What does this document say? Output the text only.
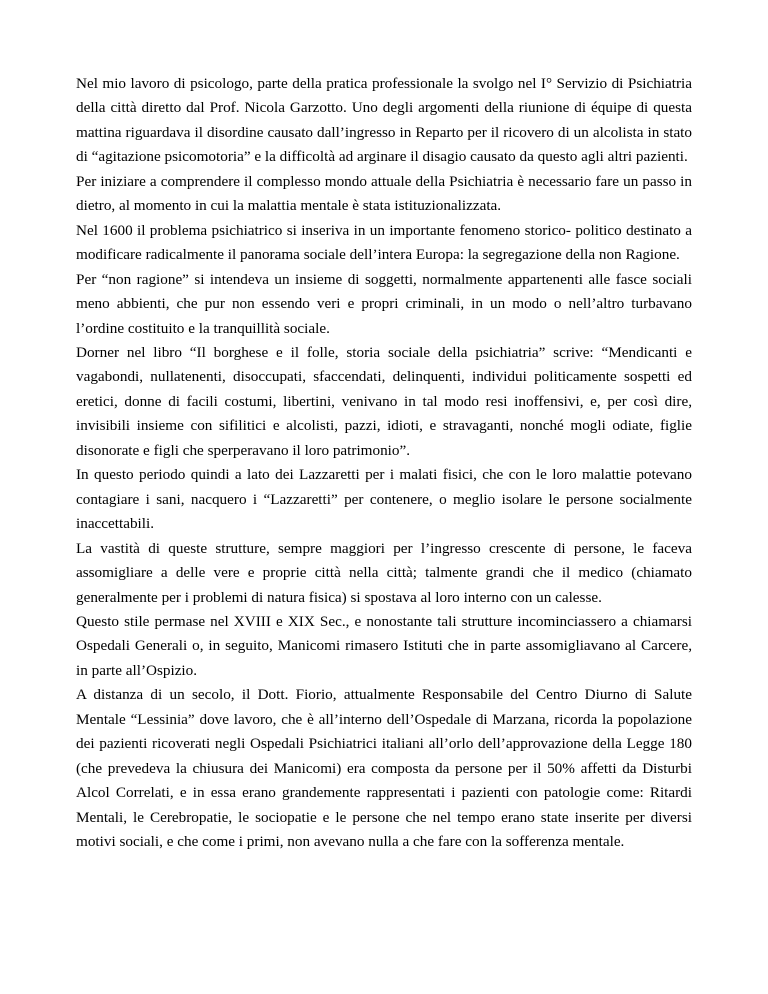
Nel mio lavoro di psicologo, parte della pratica professionale la svolgo nel I° Servizio di Psichiatria della città diretto dal Prof. Nicola Garzotto. Uno degli argomenti della riunione di équipe di questa mattina riguardava il disordine causato dall’ingresso in Reparto per il ricovero di un alcolista in stato di “agitazione psicomotoria” e la difficoltà ad arginare il disagio causato da questo agli altri pazienti.

Per iniziare a comprendere il complesso mondo attuale della Psichiatria è necessario fare un passo in dietro, al momento in cui la malattia mentale è stata istituzionalizzata.

Nel 1600 il problema psichiatrico si inseriva in un importante fenomeno storico- politico destinato a modificare radicalmente il panorama sociale dell’intera Europa: la segregazione della non Ragione.

Per “non ragione” si intendeva un insieme di soggetti, normalmente appartenenti alle fasce sociali meno abbienti, che pur non essendo veri e propri criminali, in un modo o nell’altro turbavano l’ordine costituito e la tranquillità sociale.

Dorner nel libro “Il borghese e il folle, storia sociale della psichiatria” scrive: “Mendicanti e vagabondi, nullatenenti, disoccupati, sfaccendati, delinquenti, individui politicamente sospetti ed eretici, donne di facili costumi, libertini, venivano in tal modo resi inoffensivi, e, per così dire, invisibili insieme con sifilitici e alcolisti, pazzi, idioti, e stravaganti, nonché mogli odiate, figlie disonorate e figli che sperperavano il loro patrimonio”.

In questo periodo quindi a lato dei Lazzaretti per i malati fisici, che con le loro malattie potevano contagiare i sani, nacquero i “Lazzaretti” per contenere, o meglio isolare le persone socialmente inaccettabili.

La vastità di queste strutture, sempre maggiori per l’ingresso crescente di persone, le faceva assomigliare a delle vere e proprie città nella città; talmente grandi che il medico (chiamato generalmente per i problemi di natura fisica) si spostava al loro interno con un calesse.

Questo stile permase nel XVIII e XIX Sec., e nonostante tali strutture incominciassero a chiamarsi Ospedali Generali o, in seguito, Manicomi rimasero Istituti che in parte assomigliavano al Carcere, in parte all’Ospizio.

A distanza di un secolo, il Dott. Fiorio, attualmente Responsabile del Centro Diurno di Salute Mentale “Lessinia” dove lavoro, che è all’interno dell’Ospedale di Marzana, ricorda la popolazione dei pazienti ricoverati negli Ospedali Psichiatrici italiani all’orlo dell’approvazione della Legge 180 (che prevedeva la chiusura dei Manicomi) era composta da persone per il 50% affetti da Disturbi Alcol Correlati, e in essa erano grandemente rappresentati i pazienti con patologie come: Ritardi Mentali, le Cerebropatie, le sociopatie e le persone che nel tempo erano state inserite per diversi motivi sociali, e che come i primi, non avevano nulla a che fare con la sofferenza mentale.
